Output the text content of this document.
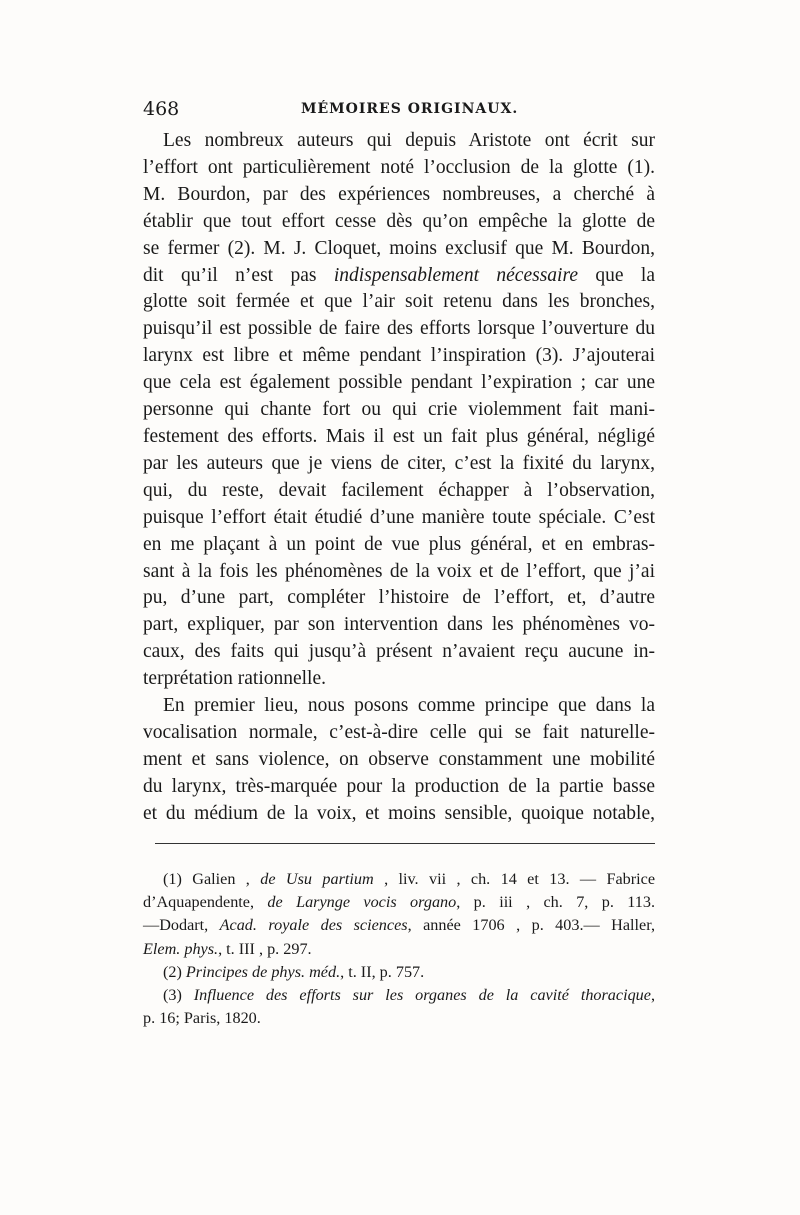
468	MÉMOIRES ORIGINAUX.
Les nombreux auteurs qui depuis Aristote ont écrit sur
l’effort ont particulièrement noté l’occlusion de la glotte (1).
M. Bourdon, par des expériences nombreuses, a cherché à
établir que tout effort cesse dès qu’on empêche la glotte de
se fermer (2). M. J. Cloquet, moins exclusif que M. Bourdon,
dit qu’il n’est pas indispensablement nécessaire que la
glotte soit fermée et que l’air soit retenu dans les bronches,
puisqu’il est possible de faire des efforts lorsque l’ouverture du
larynx est libre et même pendant l’inspiration (3). J’ajouterai
que cela est également possible pendant l’expiration ; car une
personne qui chante fort ou qui crie violemment fait mani-
festement des efforts. Mais il est un fait plus général, négligé
par les auteurs que je viens de citer, c’est la fixité du larynx,
qui, du reste, devait facilement échapper à l’observation,
puisque l’effort était étudié d’une manière toute spéciale. C’est
en me plaçant à un point de vue plus général, et en embras-
sant à la fois les phénomènes de la voix et de l’effort, que j’ai
pu, d’une part, compléter l’histoire de l’effort, et, d’autre
part, expliquer, par son intervention dans les phénomènes vo-
caux, des faits qui jusqu’à présent n’avaient reçu aucune in-
terprétation rationnelle.
En premier lieu, nous posons comme principe que dans la
vocalisation normale, c’est-à-dire celle qui se fait naturelle-
ment et sans violence, on observe constamment une mobilité
du larynx, très-marquée pour la production de la partie basse
et du médium de la voix, et moins sensible, quoique notable,
(1) Galien , de Usu partium , liv. vii , ch. 14 et 13. — Fabrice
d’Aquapendente, de Larynge vocis organo, p. iii , ch. 7, p. 113.
—Dodart, Acad. royale des sciences, année 1706 , p. 403.— Haller,
Elem. phys., t. III , p. 297.
(2) Principes de phys. méd., t. II, p. 757.
(3) Influence des efforts sur les organes de la cavité thoracique,
p. 16; Paris, 1820.
